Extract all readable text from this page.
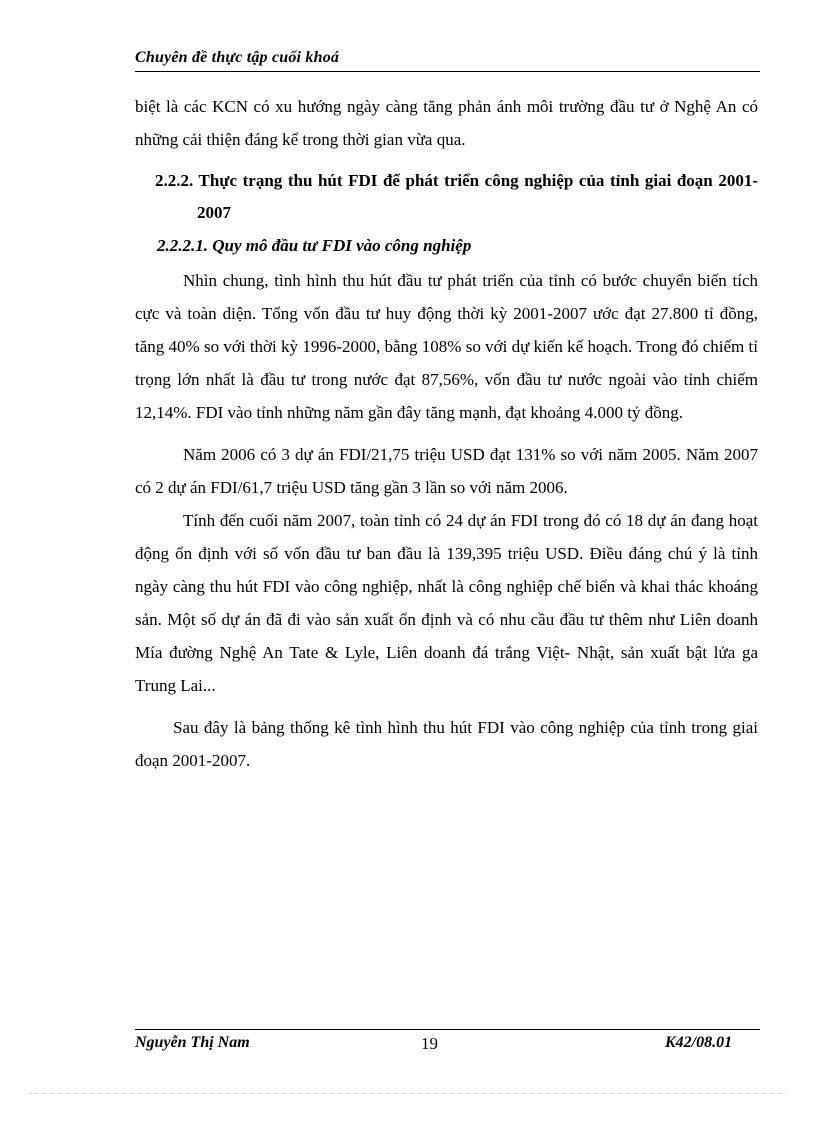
Chuyên đề thực tập cuối khoá

biệt là các KCN có xu hướng ngày càng tăng phản ánh môi trường đầu tư ở Nghệ An có những cải thiện đáng kể trong thời gian vừa qua.

2.2.2. Thực trạng thu hút FDI để phát triển công nghiệp của tỉnh giai đoạn 2001-2007

2.2.2.1. Quy mô đầu tư FDI vào công nghiệp

Nhìn chung, tình hình thu hút đầu tư phát triển của tỉnh có bước chuyển biến tích cực và toàn diện. Tổng vốn đầu tư huy động thời kỳ 2001-2007 ước đạt 27.800 tỉ đồng, tăng 40% so với thời kỳ 1996-2000, bằng 108% so với dự kiến kế hoạch. Trong đó chiếm tỉ trọng lớn nhất là đầu tư trong nước đạt 87,56%, vốn đầu tư nước ngoài vào tỉnh chiếm 12,14%. FDI vào tỉnh những năm gần đây tăng mạnh, đạt khoảng 4.000 tỷ đồng.

Năm 2006 có 3 dự án FDI/21,75 triệu USD đạt 131% so với năm 2005. Năm 2007 có 2 dự án FDI/61,7 triệu USD tăng gần 3 lần so với năm 2006.

Tính đến cuối năm 2007, toàn tỉnh có 24 dự án FDI trong đó có 18 dự án đang hoạt động ổn định với số vốn đầu tư ban đầu là 139,395 triệu USD. Điều đáng chú ý là tỉnh ngày càng thu hút FDI vào công nghiệp, nhất là công nghiệp chế biến và khai thác khoáng sản. Một số dự án đã đi vào sản xuất ổn định và có nhu cầu đầu tư thêm như Liên doanh Mía đường Nghệ An Tate & Lyle, Liên doanh đá trắng Việt- Nhật, sản xuất bật lửa ga Trung Lai...

Sau đây là bảng thống kê tình hình thu hút FDI vào công nghiệp của tỉnh trong giai đoạn 2001-2007.

Nguyễn Thị Nam	19	K42/08.01
